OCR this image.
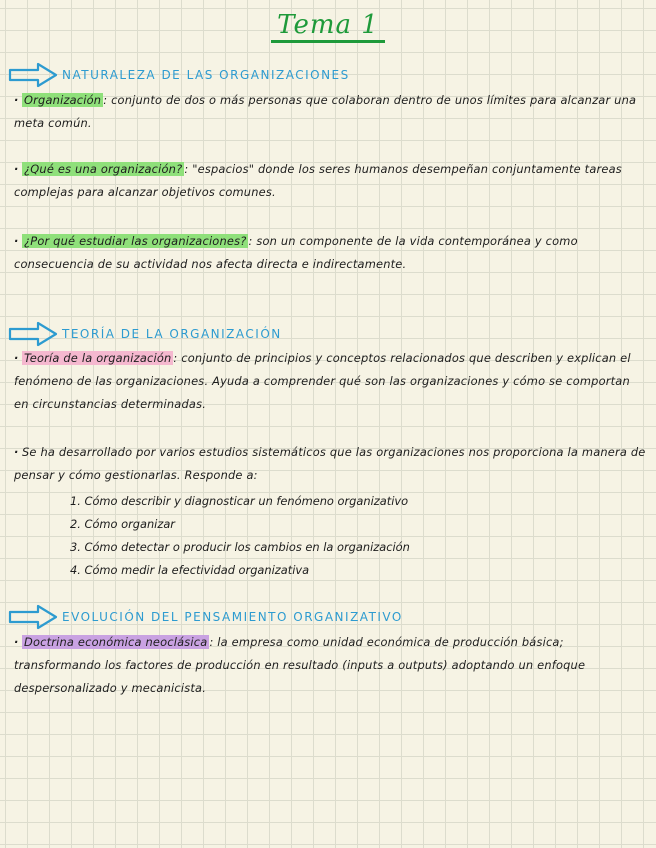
Tema 1
NATURALEZA DE LAS ORGANIZACIONES
· Organización : conjunto de dos o más personas que colaboran dentro de unos límites para alcanzar una meta común.
· ¿Qué es una organización? : "espacios" donde los seres humanos desempeñan conjuntamente tareas complejas para alcanzar objetivos comunes.
· ¿Por qué estudiar las organizaciones? : son un componente de la vida contemporánea y como consecuencia de su actividad nos afecta directa e indirectamente.
TEORÍA DE LA ORGANIZACIÓN
· Teoría de la organización : conjunto de principios y conceptos relacionados que describen y explican el fenómeno de las organizaciones. Ayuda a comprender qué son las organizaciones y cómo se comportan en circunstancias determinadas.
· Se ha desarrollado por varios estudios sistemáticos que las organizaciones nos proporciona la manera de pensar y cómo gestionarlas. Responde a:
1. Cómo describir y diagnosticar un fenómeno organizativo
2. Cómo organizar
3. Cómo detectar o producir los cambios en la organización
4. Cómo medir la efectividad organizativa
EVOLUCIÓN DEL PENSAMIENTO ORGANIZATIVO
· Doctrina económica neoclásica : la empresa como unidad económica de producción básica; transformando los factores de producción en resultado (inputs a outputs) adoptando un enfoque despersonalizado y mecanicista.
